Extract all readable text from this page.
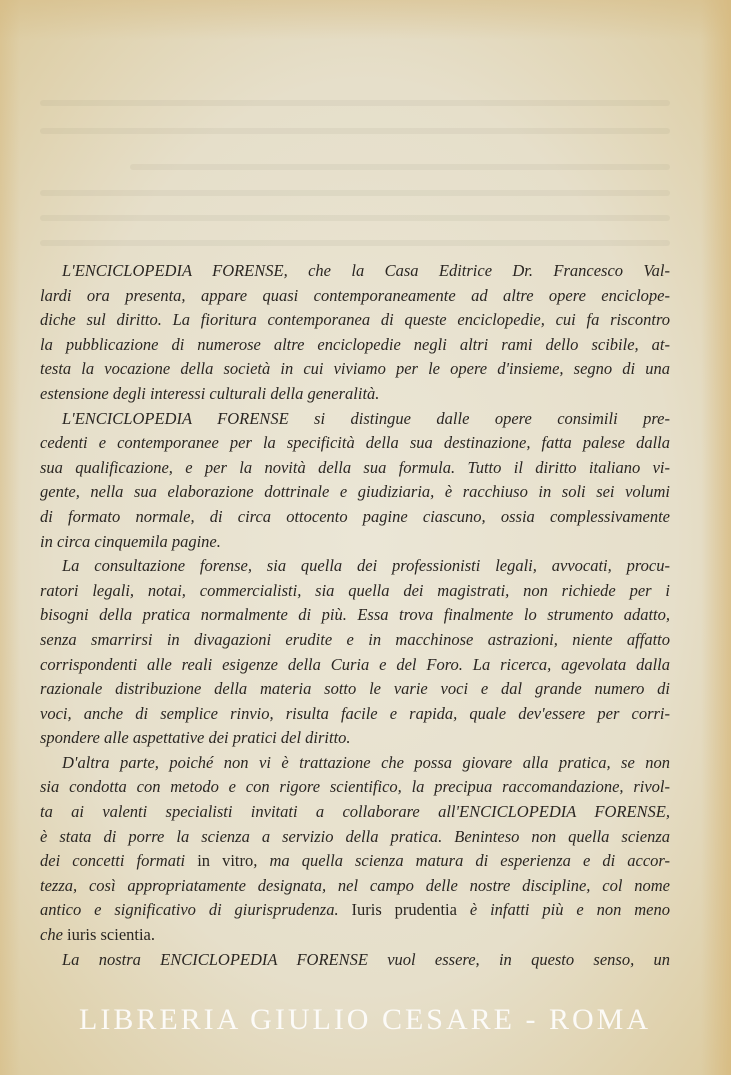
L'ENCICLOPEDIA FORENSE, che la Casa Editrice Dr. Francesco Val-
lardi ora presenta, appare quasi contemporaneamente ad altre opere enciclope-
diche sul diritto. La fioritura contemporanea di queste enciclopedie, cui fa riscontro
la pubblicazione di numerose altre enciclopedie negli altri rami dello scibile, at-
testa la vocazione della società in cui viviamo per le opere d'insieme, segno di una
estensione degli interessi culturali della generalità.
L'ENCICLOPEDIA FORENSE si distingue dalle opere consimili pre-
cedenti e contemporanee per la specificità della sua destinazione, fatta palese dalla
sua qualificazione, e per la novità della sua formula. Tutto il diritto italiano vi-
gente, nella sua elaborazione dottrinale e giudiziaria, è racchiuso in soli sei volumi
di formato normale, di circa ottocento pagine ciascuno, ossia complessivamente
in circa cinquemila pagine.
La consultazione forense, sia quella dei professionisti legali, avvocati, procu-
ratori legali, notai, commercialisti, sia quella dei magistrati, non richiede per i
bisogni della pratica normalmente di più. Essa trova finalmente lo strumento adatto,
senza smarrirsi in divagazioni erudite e in macchinose astrazioni, niente affatto
corrispondenti alle reali esigenze della Curia e del Foro. La ricerca, agevolata dalla
razionale distribuzione della materia sotto le varie voci e dal grande numero di
voci, anche di semplice rinvio, risulta facile e rapida, quale dev'essere per corri-
spondere alle aspettative dei pratici del diritto.
D'altra parte, poiché non vi è trattazione che possa giovare alla pratica, se non
sia condotta con metodo e con rigore scientifico, la precipua raccomandazione, rivol-
ta ai valenti specialisti invitati a collaborare all'ENCICLOPEDIA FORENSE,
è stata di porre la scienza a servizio della pratica. Beninteso non quella scienza
dei concetti formati in vitro, ma quella scienza matura di esperienza e di accor-
tezza, così appropriatamente designata, nel campo delle nostre discipline, col nome
antico e significativo di giurisprudenza. Iuris prudentia è infatti più e non meno
che iuris scientia.
La nostra ENCICLOPEDIA FORENSE vuol essere, in questo senso, un
LIBRERIA GIULIO CESARE - ROMA
